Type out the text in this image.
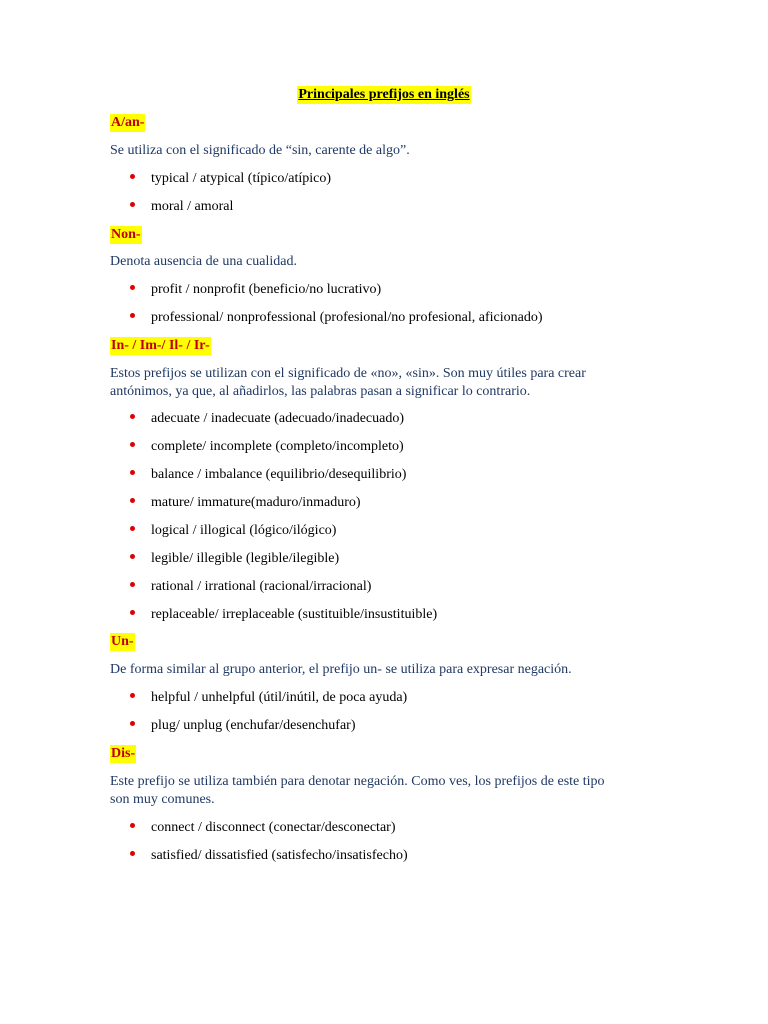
Principales prefijos en inglés
A/an-
Se utiliza con el significado de “sin, carente de algo”.
typical / atypical (típico/atípico)
moral / amoral
Non-
Denota ausencia de una cualidad.
profit / nonprofit (beneficio/no lucrativo)
professional/ nonprofessional (profesional/no profesional, aficionado)
In- / Im-/ Il- / Ir-
Estos prefijos se utilizan con el significado de «no», «sin». Son muy útiles para crear
antónimos, ya que, al añadirlos, las palabras pasan a significar lo contrario.
adecuate / inadecuate (adecuado/inadecuado)
complete/ incomplete (completo/incompleto)
balance / imbalance (equilibrio/desequilibrio)
mature/ immature(maduro/inmaduro)
logical / illogical (lógico/ilógico)
legible/ illegible (legible/ilegible)
rational / irrational (racional/irracional)
replaceable/ irreplaceable (sustituible/insustituible)
Un-
De forma similar al grupo anterior, el prefijo un- se utiliza para expresar negación.
helpful / unhelpful (útil/inútil, de poca ayuda)
plug/ unplug (enchufar/desenchufar)
Dis-
Este prefijo se utiliza también para denotar negación. Como ves, los prefijos de este tipo
son muy comunes.
connect / disconnect (conectar/desconectar)
satisfied/ dissatisfied (satisfecho/insatisfecho)
